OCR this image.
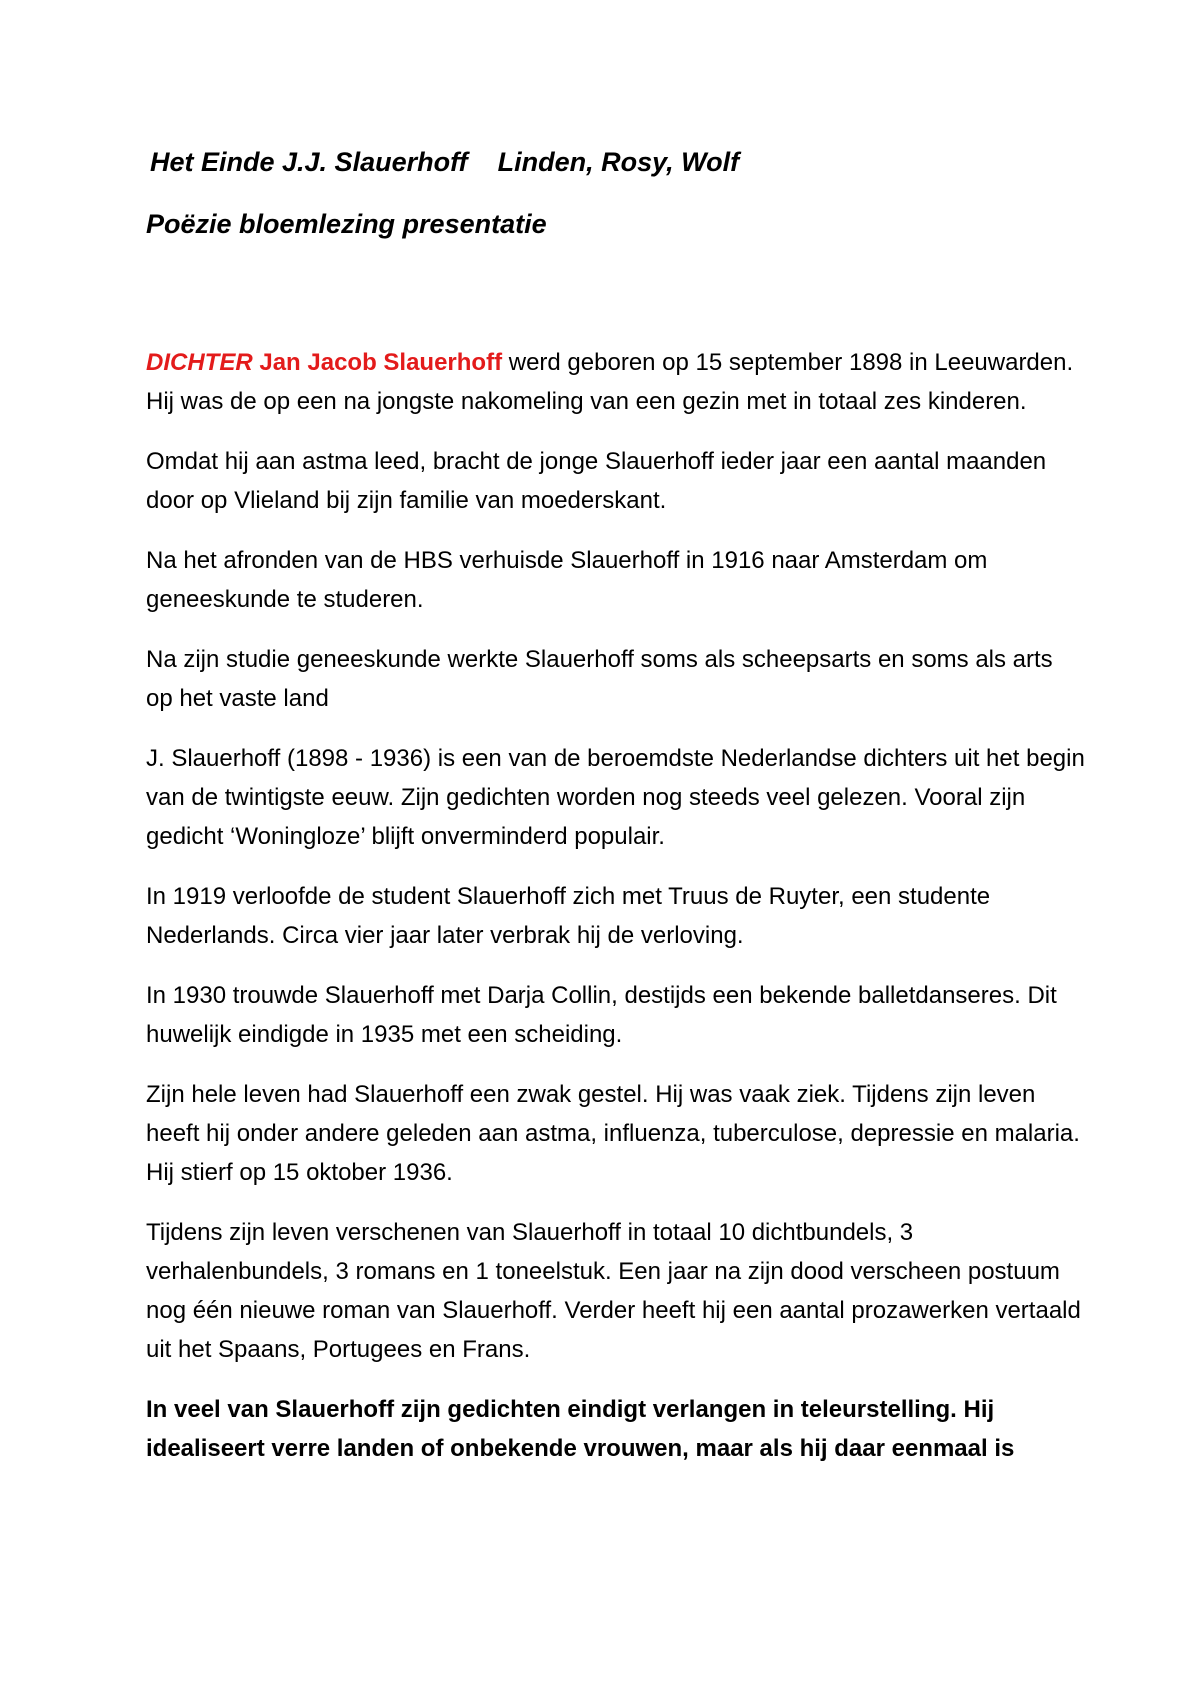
Het Einde J.J. Slauerhoff    Linden, Rosy, Wolf

Poëzie bloemlezing presentatie

DICHTER Jan Jacob Slauerhoff werd geboren op 15 september 1898 in Leeuwarden. Hij was de op een na jongste nakomeling van een gezin met in totaal zes kinderen.

Omdat hij aan astma leed, bracht de jonge Slauerhoff ieder jaar een aantal maanden door op Vlieland bij zijn familie van moederskant.

Na het afronden van de HBS verhuisde Slauerhoff in 1916 naar Amsterdam om geneeskunde te studeren.

Na zijn studie geneeskunde werkte Slauerhoff soms als scheepsarts en soms als arts op het vaste land

J. Slauerhoff (1898 - 1936) is een van de beroemdste Nederlandse dichters uit het begin van de twintigste eeuw. Zijn gedichten worden nog steeds veel gelezen. Vooral zijn gedicht ‘Woningloze’ blijft onverminderd populair.

In 1919 verloofde de student Slauerhoff zich met Truus de Ruyter, een studente Nederlands. Circa vier jaar later verbrak hij de verloving.

In 1930 trouwde Slauerhoff met Darja Collin, destijds een bekende balletdanseres. Dit huwelijk eindigde in 1935 met een scheiding.

Zijn hele leven had Slauerhoff een zwak gestel. Hij was vaak ziek. Tijdens zijn leven heeft hij onder andere geleden aan astma, influenza, tuberculose, depressie en malaria. Hij stierf op 15 oktober 1936.

Tijdens zijn leven verschenen van Slauerhoff in totaal 10 dichtbundels, 3 verhalenbundels, 3 romans en 1 toneelstuk. Een jaar na zijn dood verscheen postuum nog één nieuwe roman van Slauerhoff. Verder heeft hij een aantal prozawerken vertaald uit het Spaans, Portugees en Frans.

In veel van Slauerhoff zijn gedichten eindigt verlangen in teleurstelling. Hij idealiseert verre landen of onbekende vrouwen, maar als hij daar eenmaal is
